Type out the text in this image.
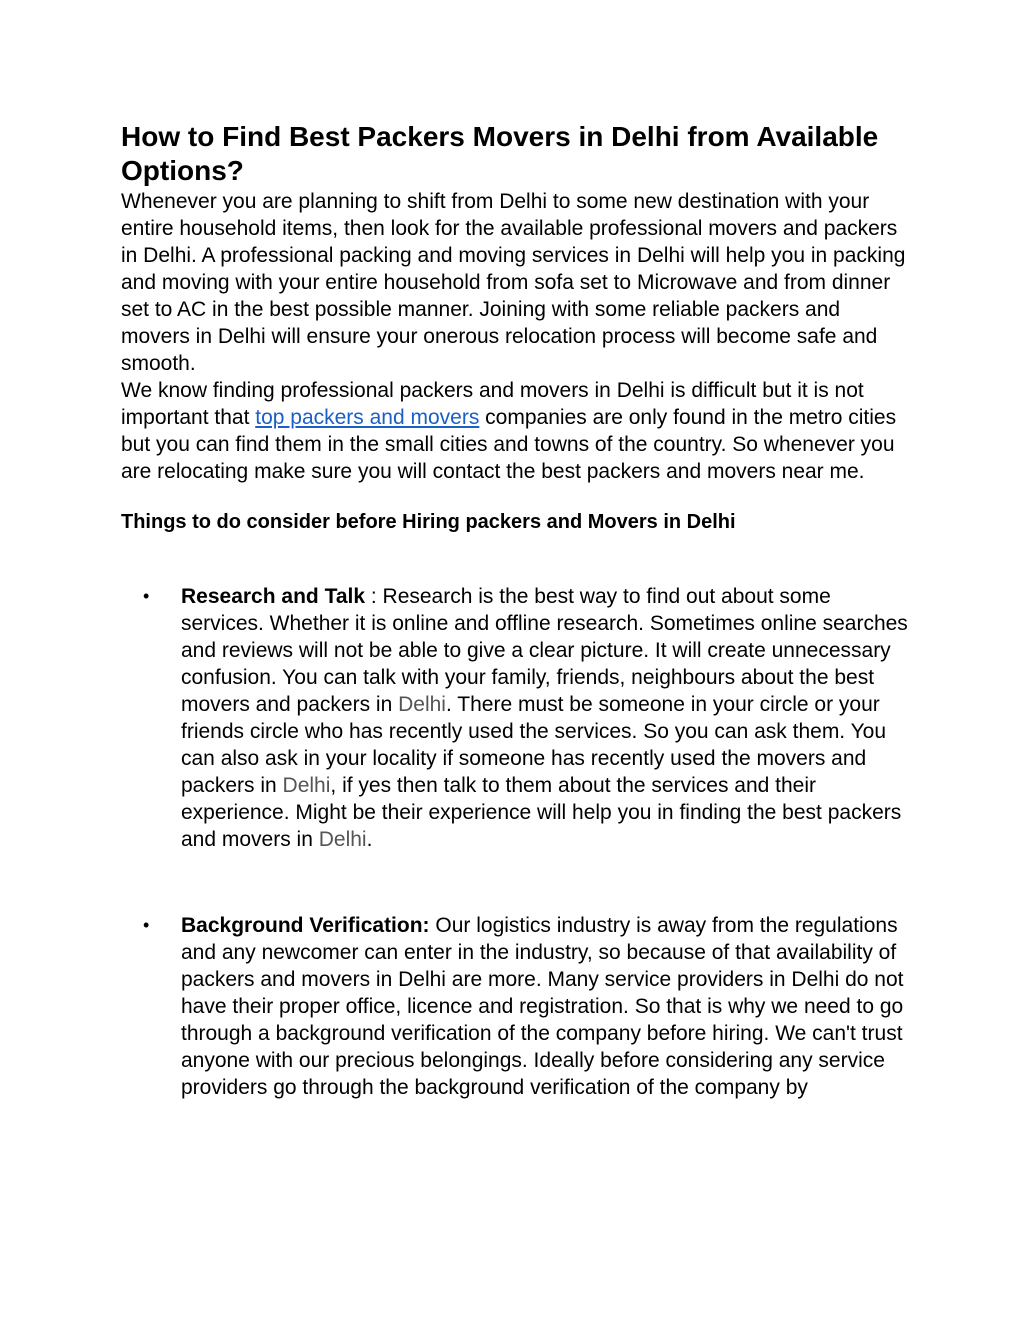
How to Find Best Packers Movers in Delhi from Available Options?

Whenever you are planning to shift from Delhi to some new destination with your entire household items, then look for the available professional movers and packers in Delhi. A professional packing and moving services in Delhi will help you in packing and moving with your entire household from sofa set to Microwave and from dinner set to AC in the best possible manner. Joining with some reliable packers and movers in Delhi will ensure your onerous relocation process will become safe and smooth.

We know finding professional packers and movers in Delhi is difficult but it is not important that top packers and movers companies are only found in the metro cities but you can find them in the small cities and towns of the country. So whenever you are relocating make sure you will contact the best packers and movers near me.

Things to do consider before Hiring packers and Movers in Delhi
• Research and Talk : Research is the best way to find out about some services. Whether it is online and offline research. Sometimes online searches and reviews will not be able to give a clear picture. It will create unnecessary confusion. You can talk with your family, friends, neighbours about the best movers and packers in Delhi. There must be someone in your circle or your friends circle who has recently used the services. So you can ask them. You can also ask in your locality if someone has recently used the movers and packers in Delhi, if yes then talk to them about the services and their experience. Might be their experience will help you in finding the best packers and movers in Delhi.
• Background Verification: Our logistics industry is away from the regulations and any newcomer can enter in the industry, so because of that availability of packers and movers in Delhi are more. Many service providers in Delhi do not have their proper office, licence and registration. So that is why we need to go through a background verification of the company before hiring. We can't trust anyone with our precious belongings. Ideally before considering any service providers go through the background verification of the company by
